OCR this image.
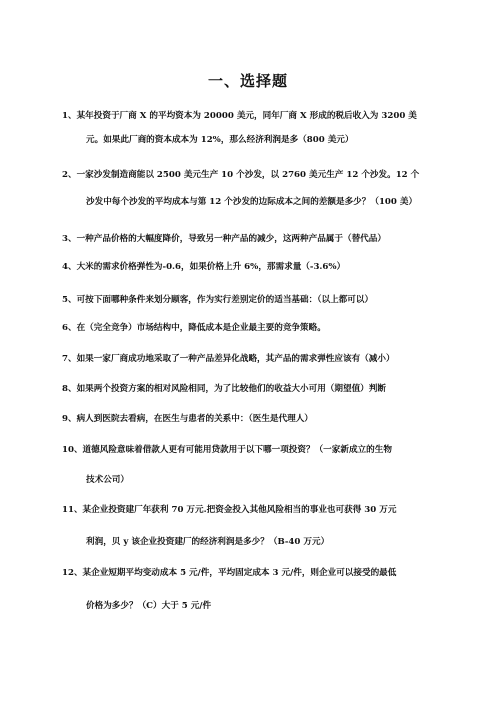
一、选择题
1、某年投资于厂商 X 的平均资本为 20000 美元，同年厂商 X 形成的税后收入为 3200 美
元。如果此厂商的资本成本为 12%，那么经济利润是多（800 美元）
2、一家沙发制造商能以 2500 美元生产 10 个沙发，以 2760 美元生产 12 个沙发。12 个
沙发中每个沙发的平均成本与第 12 个沙发的边际成本之间的差额是多少？（100 美）
3、一种产品价格的大幅度降价，导致另一种产品的减少，这两种产品属于（替代品）
4、大米的需求价格弹性为-0.6，如果价格上升 6%，那需求量（-3.6%）
5、可按下面哪种条件来划分顾客，作为实行差别定价的适当基础：（以上都可以）
6、在（完全竞争）市场结构中，降低成本是企业最主要的竞争策略。
7、如果一家厂商成功地采取了一种产品差异化战略，其产品的需求弹性应该有（减小）
8、如果两个投资方案的相对风险相同，为了比较他们的收益大小可用（期望值）判断
9、病人到医院去看病，在医生与患者的关系中：（医生是代理人）
10、道德风险意味着借款人更有可能用贷款用于以下哪一项投资？（一家新成立的生物
技术公司）
11、某企业投资建厂年获利 70 万元.把资金投入其他风险相当的事业也可获得 30 万元
利润，贝 y 该企业投资建厂的经济利润是多少？（B-40 万元）
12、某企业短期平均变动成本 5 元/件，平均固定成本 3 元/件，则企业可以接受的最低
价格为多少？（C）大于 5 元/件
